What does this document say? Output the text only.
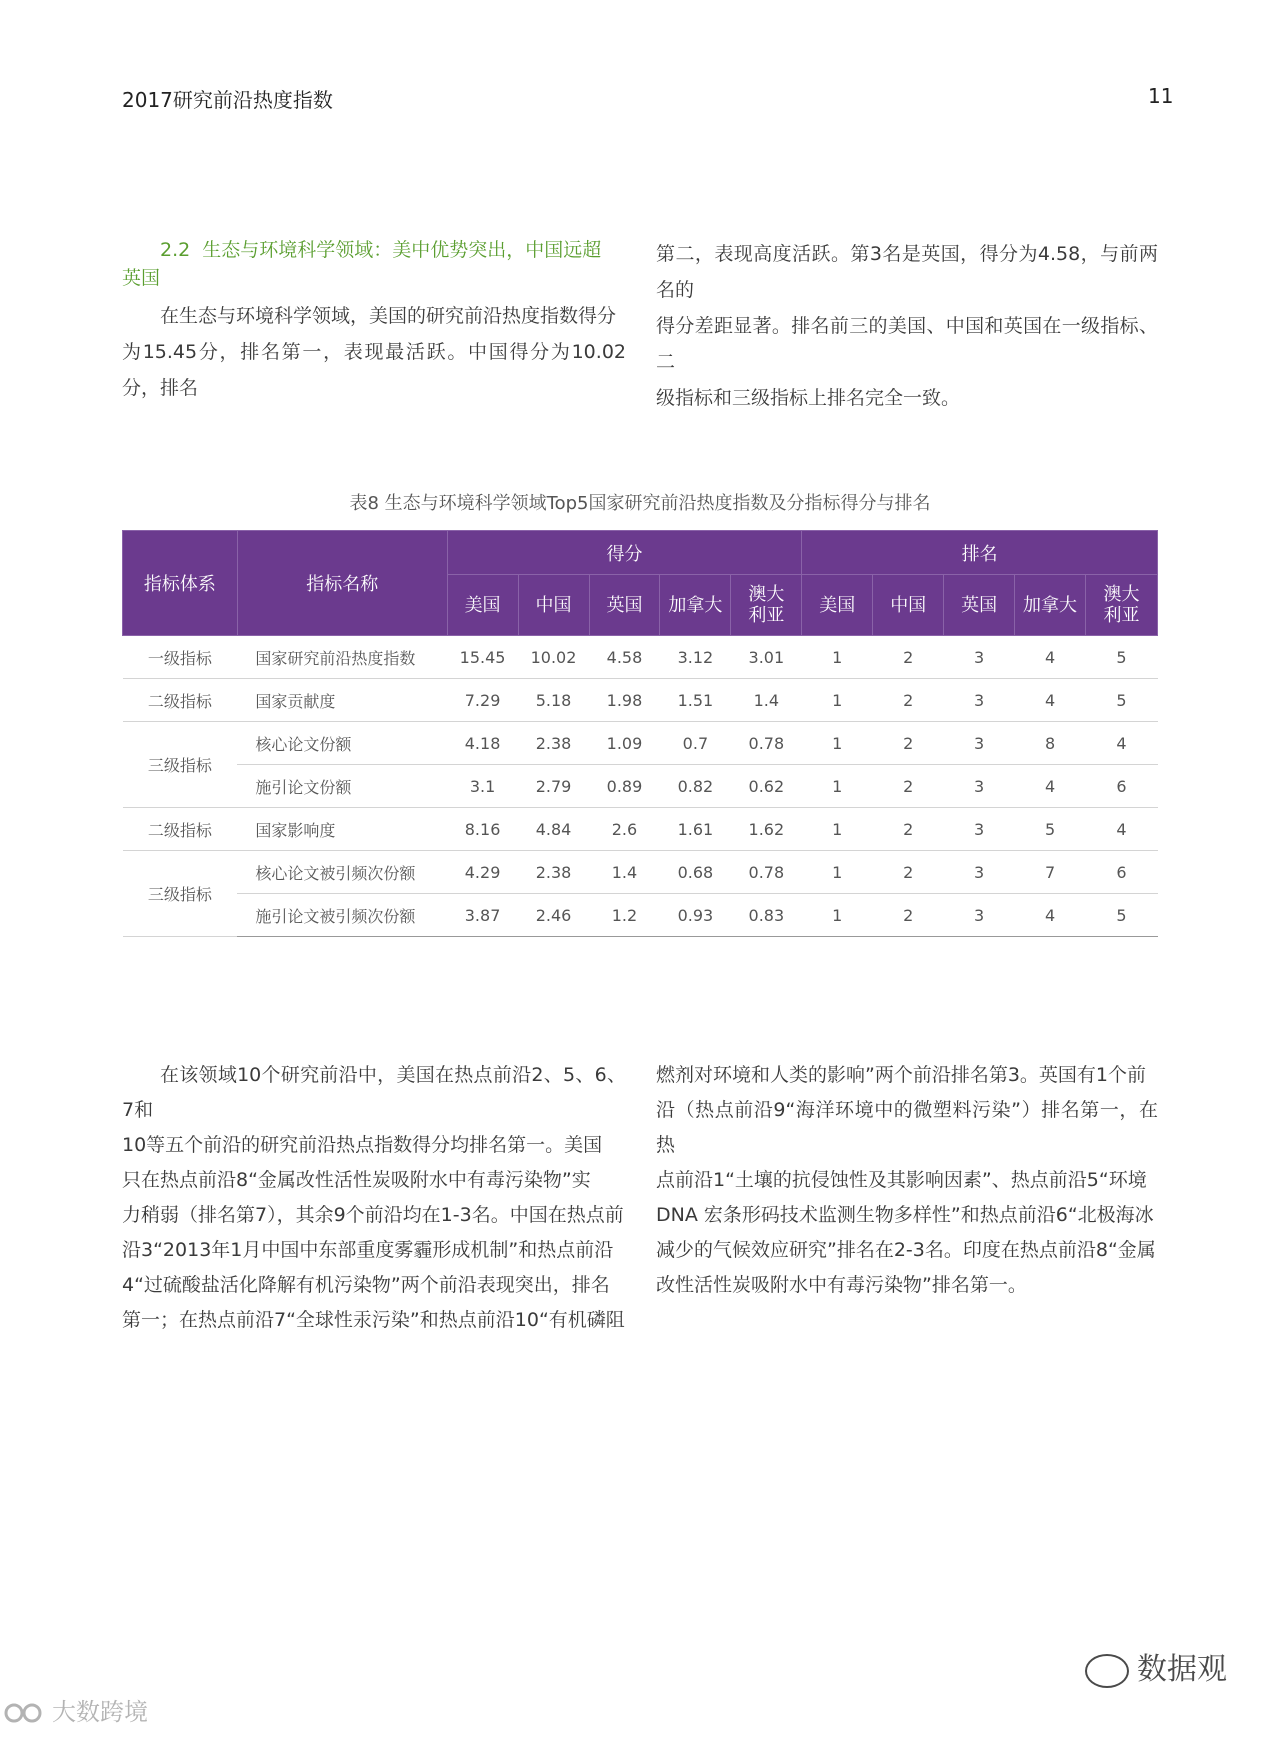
2017研究前沿热度指数	11
2.2 生态与环境科学领域：美中优势突出，中国远超
英国
在生态与环境科学领域，美国的研究前沿热度指数得分
为15.45分，排名第一，表现最活跃。中国得分为10.02分，排名
第二，表现高度活跃。第3名是英国，得分为4.58，与前两名的
得分差距显著。排名前三的美国、中国和英国在一级指标、二
级指标和三级指标上排名完全一致。
表8 生态与环境科学领域Top5国家研究前沿热度指数及分指标得分与排名
指标体系	指标名称	得分					排名				
		美国	中国	英国	加拿大	澳大
利亚	美国	中国	英国	加拿大	澳大
利亚
一级指标	国家研究前沿热度指数	15.45	10.02	4.58	3.12	3.01	1	2	3	4	5
二级指标	国家贡献度	7.29	5.18	1.98	1.51	1.4	1	2	3	4	5
三级指标	核心论文份额	4.18	2.38	1.09	0.7	0.78	1	2	3	8	4
	施引论文份额	3.1	2.79	0.89	0.82	0.62	1	2	3	4	6
二级指标	国家影响度	8.16	4.84	2.6	1.61	1.62	1	2	3	5	4
三级指标	核心论文被引频次份额	4.29	2.38	1.4	0.68	0.78	1	2	3	7	6
	施引论文被引频次份额	3.87	2.46	1.2	0.93	0.83	1	2	3	4	5
在该领域10个研究前沿中，美国在热点前沿2、5、6、7和
10等五个前沿的研究前沿热点指数得分均排名第一。美国
只在热点前沿8“金属改性活性炭吸附水中有毒污染物”实
力稍弱（排名第7），其余9个前沿均在1-3名。中国在热点前
沿3“2013年1月中国中东部重度雾霾形成机制”和热点前沿
4“过硫酸盐活化降解有机污染物”两个前沿表现突出，排名
第一；在热点前沿7“全球性汞污染”和热点前沿10“有机磷阻
燃剂对环境和人类的影响”两个前沿排名第3。英国有1个前
沿（热点前沿9“海洋环境中的微塑料污染”）排名第一，在热
点前沿1“土壤的抗侵蚀性及其影响因素”、热点前沿5“环境
DNA 宏条形码技术监测生物多样性”和热点前沿6“北极海冰
减少的气候效应研究”排名在2-3名。印度在热点前沿8“金属
改性活性炭吸附水中有毒污染物”排名第一。
数据观
大数跨境
